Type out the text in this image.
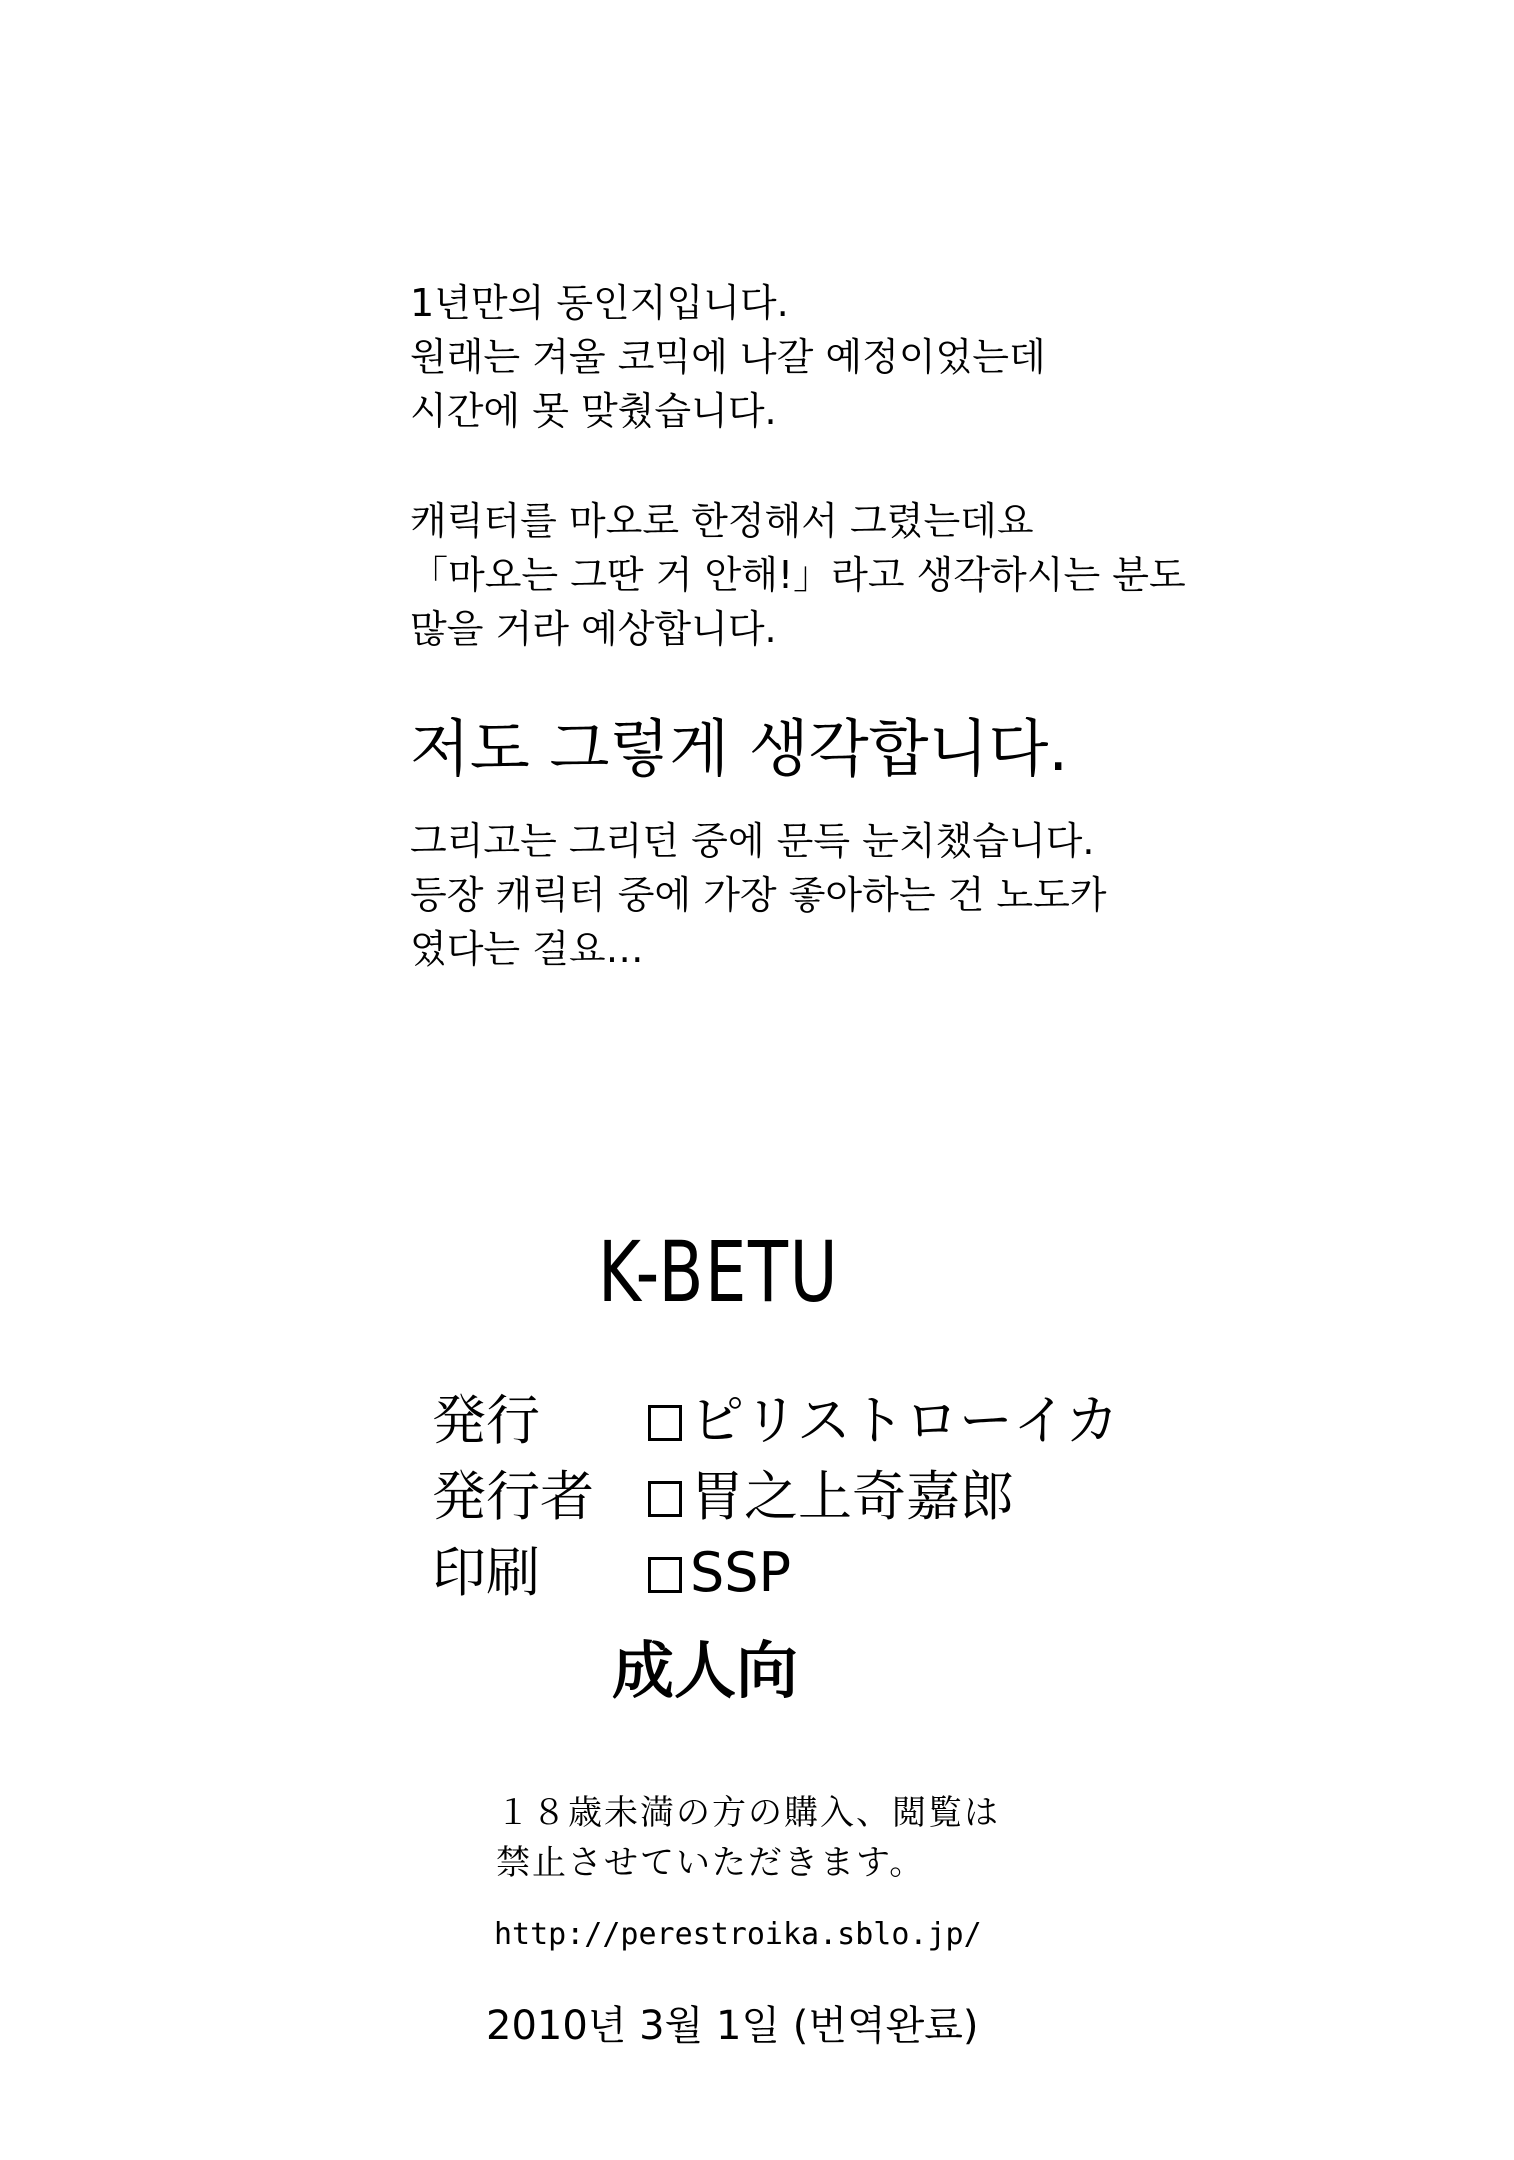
1년만의 동인지입니다.
원래는 겨울 코믹에 나갈 예정이었는데
시간에 못 맞췄습니다.
캐릭터를 마오로 한정해서 그렸는데요
「마오는 그딴 거 안해!」라고 생각하시는 분도
많을 거라 예상합니다.
저도 그렇게 생각합니다.
그리고는 그리던 중에 문득 눈치챘습니다.
등장 캐릭터 중에 가장 좋아하는 건 노도카
였다는 걸요…
K-BETU
発行	ピリストローイカ
発行者	胃之上奇嘉郎
印刷	SSP
成人向
１８歳未満の方の購入、閲覧は
禁止させていただきます。
http://perestroika.sblo.jp/
2010년 3월 1일 (번역완료)
